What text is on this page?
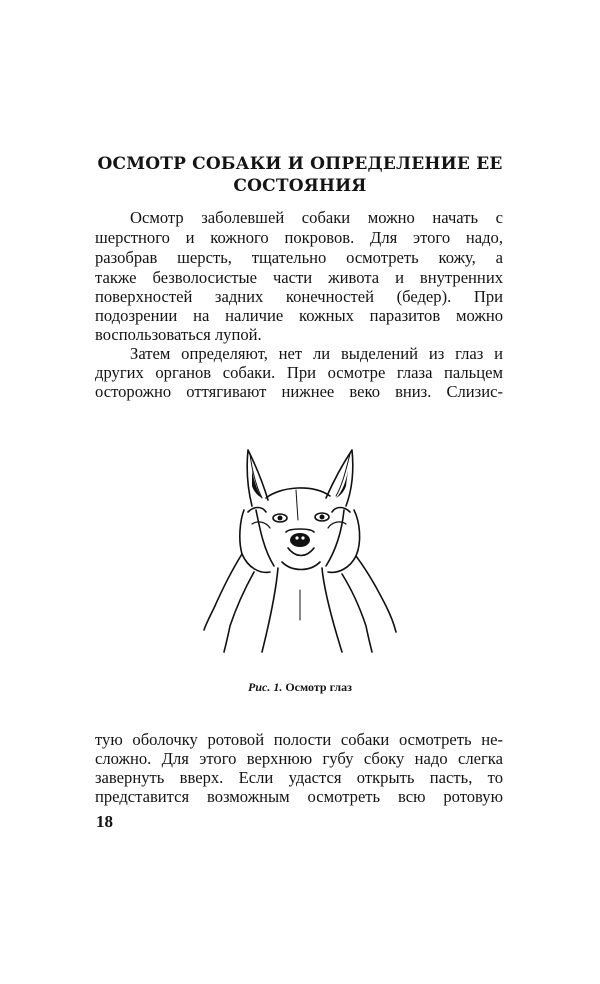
ОСМОТР СОБАКИ И ОПРЕДЕЛЕНИЕ ЕЕ
СОСТОЯНИЯ
Осмотр заболевшей собаки можно начать с
шерстного и кожного покровов. Для этого надо,
разобрав шерсть, тщательно осмотреть кожу, а
также безволосистые части живота и внутренних
поверхностей задних конечностей (бедер). При
подозрении на наличие кожных паразитов можно
воспользоваться лупой.
Затем определяют, нет ли выделений из глаз и
других органов собаки. При осмотре глаза пальцем
осторожно оттягивают нижнее веко вниз. Слизис-
Рис. 1. Осмотр глаз
тую оболочку ротовой полости собаки осмотреть не-
сложно. Для этого верхнюю губу сбоку надо слегка
завернуть вверх. Если удастся открыть пасть, то
представится возможным осмотреть всю ротовую
18
